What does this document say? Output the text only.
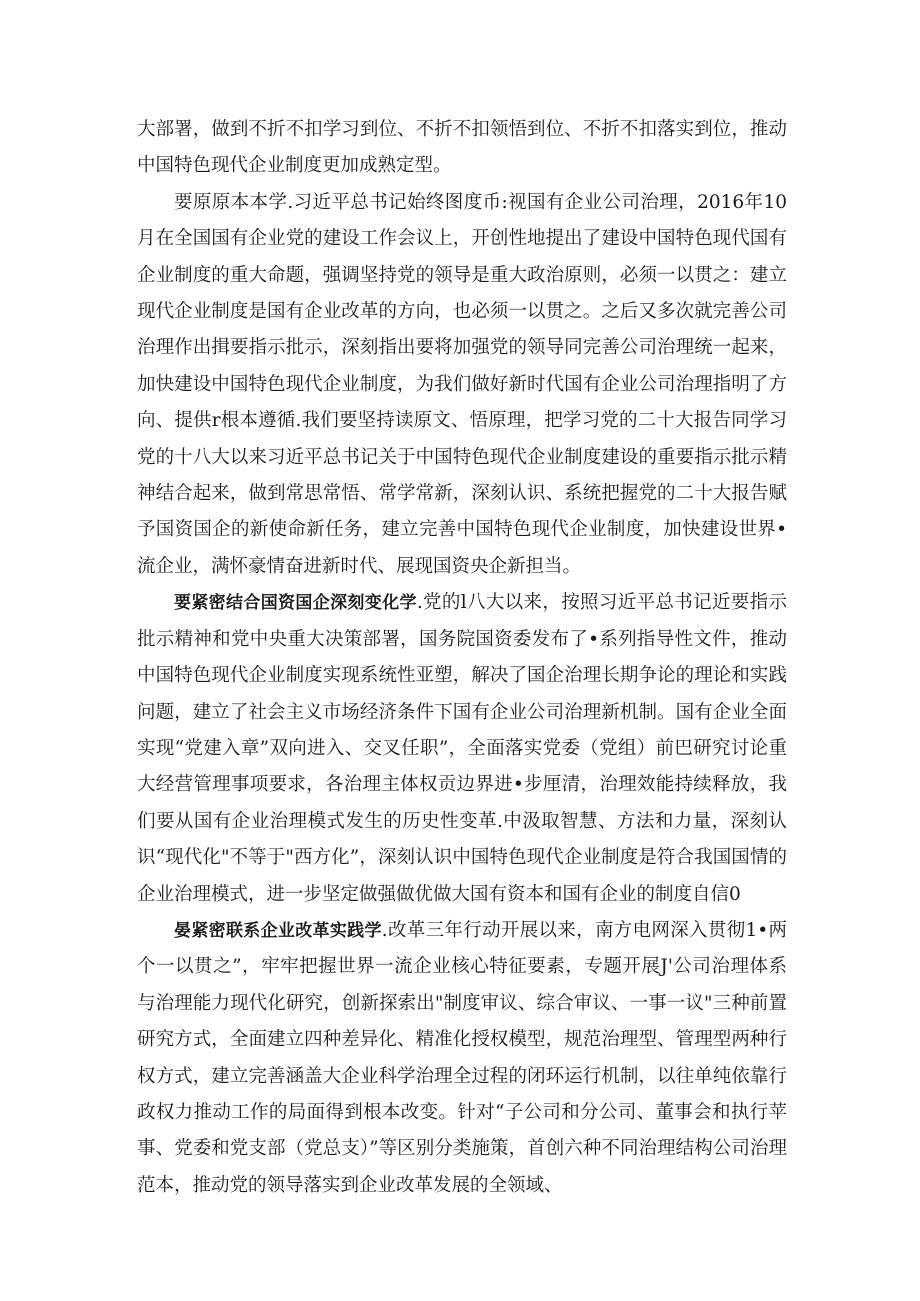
大部署，做到不折不扣学习到位、不折不扣领悟到位、不折不扣落实到位，推动中国特色现代企业制度更加成熟定型。

要原原本本学.习近平总书记始终图度币:视国有企业公司治理，2016年10月在全国国有企业党的建设工作会议上，开创性地提出了建设中国特色现代国有企业制度的重大命题，强调坚持党的领导是重大政治原则，必须一以贯之：建立现代企业制度是国有企业改革的方向，也必须一以贯之。之后又多次就完善公司治理作出揖要指示批示，深刻指出要将加强党的领导同完善公司治理统一起来，加快建设中国特色现代企业制度，为我们做好新时代国有企业公司治理指明了方向、提供r根本遵循.我们要坚持读原文、悟原理，把学习党的二十大报告同学习党的十八大以来习近平总书记关于中国特色现代企业制度建设的重要指示批示精神结合起来，做到常思常悟、常学常新，深刻认识、系统把握党的二十大报告赋予国资国企的新使命新任务，建立完善中国特色现代企业制度，加快建设世界•流企业，满怀豪情奋进新时代、展现国资央企新担当。

要紧密结合国资国企深刻变化学.党的l八大以来，按照习近平总书记近要指示批示精神和党中央重大决策部署，国务院国资委发布了•系列指导性文件，推动中国特色现代企业制度实现系统性亚塑，解决了国企治理长期争论的理论和实践问题，建立了社会主义市场经济条件下国有企业公司治理新机制。国有企业全面实现“党建入章”双向进入、交叉任职”，全面落实党委（党组）前巴研究讨论重大经营管理事项要求，各治理主体权贡边界进•步厘清，治理效能持续释放，我们要从国有企业治理模式发生的历史性变革.中汲取智慧、方法和力量，深刻认识“现代化"不等于"西方化”，深刻认识中国特色现代企业制度是符合我国国情的企业治理模式，进一步坚定做强做优做大国有资本和国有企业的制度自信0

晏紧密联系企业改革实践学.改革三年行动开展以来，南方电网深入贯彻1•两个一以贯之”，牢牢把握世界一流企业核心特征要素，专题开展J'公司治理体系与治理能力现代化研究，创新探索出"制度审议、综合审议、一事一议"三种前置研究方式，全面建立四种差异化、精准化授权模型，规范治理型、管理型两种行权方式，建立完善涵盖大企业科学治理全过程的闭环运行机制，以往单纯依靠行政权力推动工作的局面得到根本改变。针对“子公司和分公司、董事会和执行苹事、党委和党支部（党总支）”等区别分类施策，首创六种不同治理结构公司治理范本，推动党的领导落实到企业改革发展的全领域、
